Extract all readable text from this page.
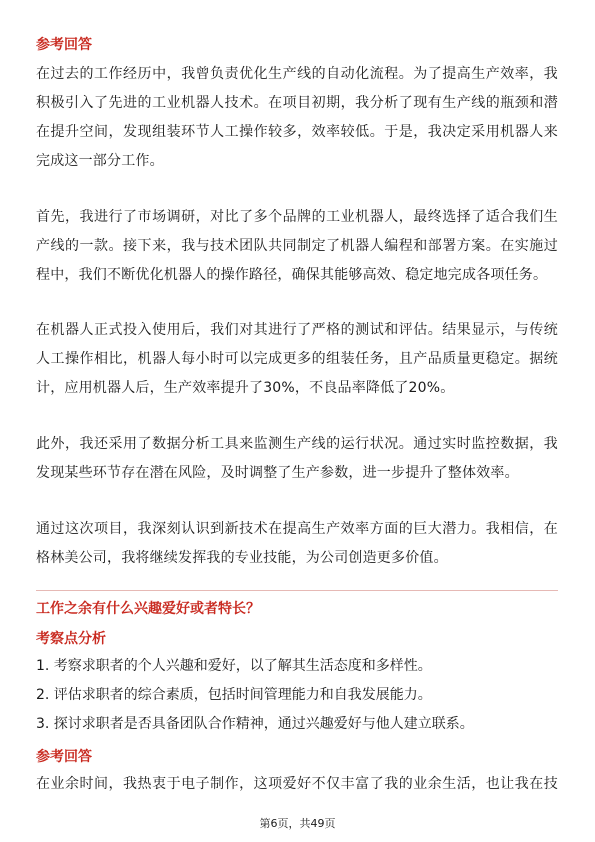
参考回答
在过去的工作经历中，我曾负责优化生产线的自动化流程。为了提高生产效率，我
积极引入了先进的工业机器人技术。在项目初期，我分析了现有生产线的瓶颈和潜
在提升空间，发现组装环节人工操作较多，效率较低。于是，我决定采用机器人来
完成这一部分工作。
首先，我进行了市场调研，对比了多个品牌的工业机器人，最终选择了适合我们生
产线的一款。接下来，我与技术团队共同制定了机器人编程和部署方案。在实施过
程中，我们不断优化机器人的操作路径，确保其能够高效、稳定地完成各项任务。
在机器人正式投入使用后，我们对其进行了严格的测试和评估。结果显示，与传统
人工操作相比，机器人每小时可以完成更多的组装任务，且产品质量更稳定。据统
计，应用机器人后，生产效率提升了30%，不良品率降低了20%。
此外，我还采用了数据分析工具来监测生产线的运行状况。通过实时监控数据，我
发现某些环节存在潜在风险，及时调整了生产参数，进一步提升了整体效率。
通过这次项目，我深刻认识到新技术在提高生产效率方面的巨大潜力。我相信，在
格林美公司，我将继续发挥我的专业技能，为公司创造更多价值。
工作之余有什么兴趣爱好或者特长？
考察点分析
1. 考察求职者的个人兴趣和爱好，以了解其生活态度和多样性。
2. 评估求职者的综合素质，包括时间管理能力和自我发展能力。
3. 探讨求职者是否具备团队合作精神，通过兴趣爱好与他人建立联系。
参考回答
在业余时间，我热衷于电子制作，这项爱好不仅丰富了我的业余生活，也让我在技
第6页，共49页
